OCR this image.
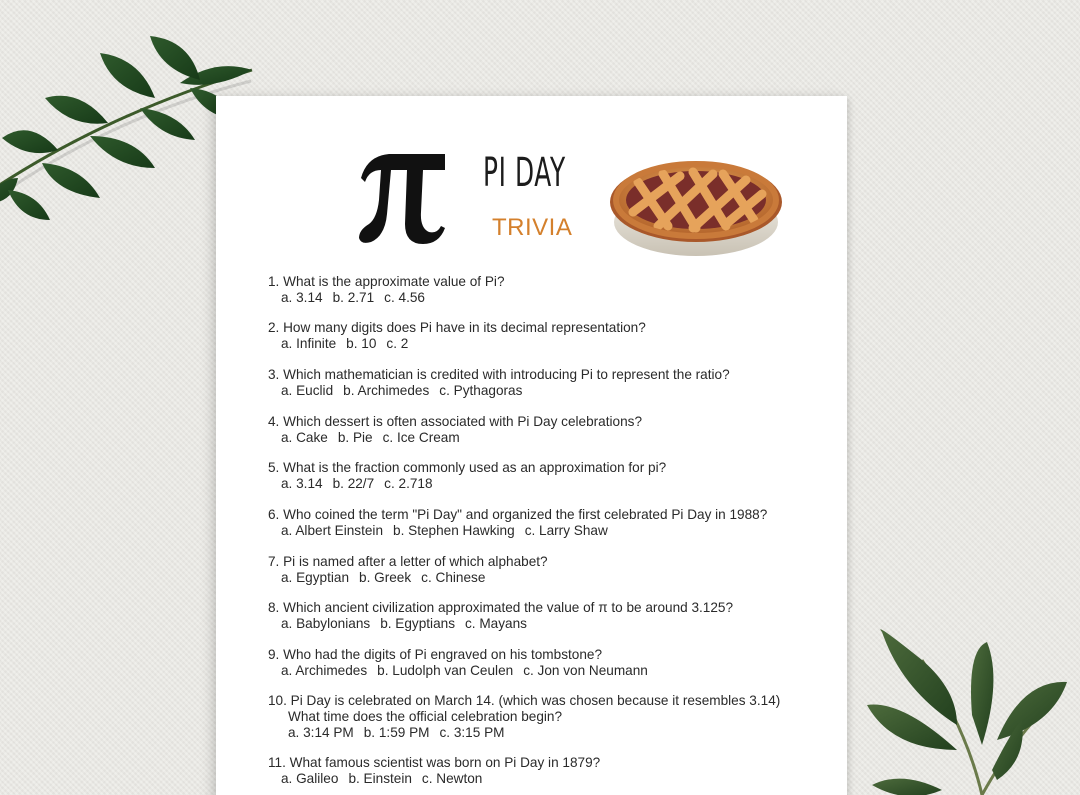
PI DAY
TRIVIA
1. What is the approximate value of Pi?
a. 3.14 b. 2.71 c. 4.56
2. How many digits does Pi have in its decimal representation?
a. Infinite b. 10 c. 2
3. Which mathematician is credited with introducing Pi to represent the ratio?
a. Euclid b. Archimedes c. Pythagoras
4. Which dessert is often associated with Pi Day celebrations?
a. Cake b. Pie c. Ice Cream
5. What is the fraction commonly used as an approximation for pi?
a. 3.14 b. 22/7 c. 2.718
6. Who coined the term "Pi Day" and organized the first celebrated Pi Day in 1988?
a. Albert Einstein b. Stephen Hawking c. Larry Shaw
7. Pi is named after a letter of which alphabet?
a. Egyptian b. Greek c. Chinese
8. Which ancient civilization approximated the value of π to be around 3.125?
a. Babylonians b. Egyptians c. Mayans
9. Who had the digits of Pi engraved on his tombstone?
a. Archimedes b. Ludolph van Ceulen c. Jon von Neumann
10. Pi Day is celebrated on March 14. (which was chosen because it resembles 3.14)
What time does the official celebration begin?
a. 3:14 PM b. 1:59 PM c. 3:15 PM
11. What famous scientist was born on Pi Day in 1879?
a. Galileo b. Einstein c. Newton
